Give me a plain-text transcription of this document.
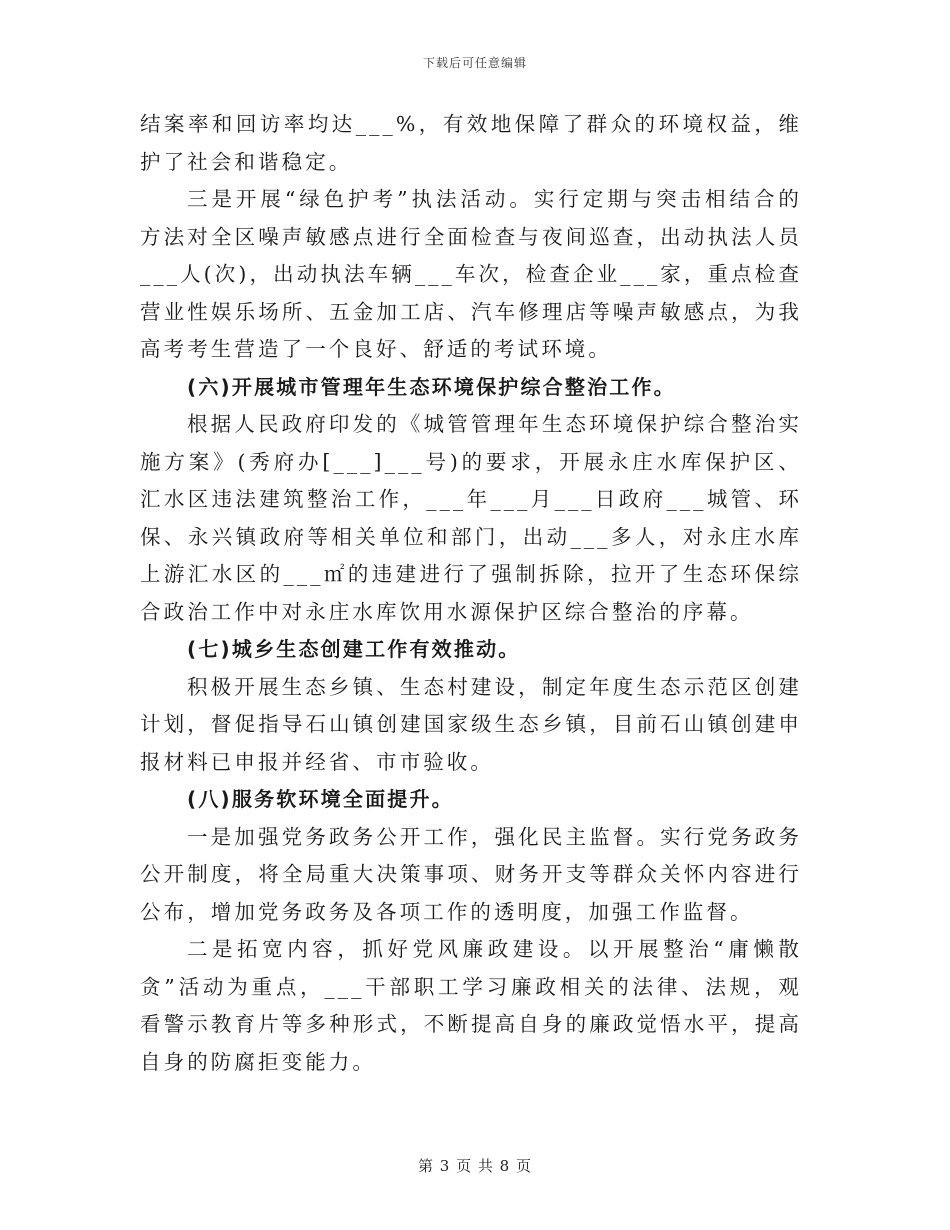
下载后可任意编辑

结案率和回访率均达___%，有效地保障了群众的环境权益，维护了社会和谐稳定。

三是开展“绿色护考”执法活动。实行定期与突击相结合的方法对全区噪声敏感点进行全面检查与夜间巡查，出动执法人员___人(次)，出动执法车辆___车次，检查企业___家，重点检查营业性娱乐场所、五金加工店、汽车修理店等噪声敏感点，为我高考考生营造了一个良好、舒适的考试环境。

(六)开展城市管理年生态环境保护综合整治工作。

根据人民政府印发的《城管管理年生态环境保护综合整治实施方案》(秀府办[___]___号)的要求，开展永庄水库保护区、汇水区违法建筑整治工作，___年___月___日政府___城管、环保、永兴镇政府等相关单位和部门，出动___多人，对永庄水库上游汇水区的___㎡的违建进行了强制拆除，拉开了生态环保综合政治工作中对永庄水库饮用水源保护区综合整治的序幕。

(七)城乡生态创建工作有效推动。

积极开展生态乡镇、生态村建设，制定年度生态示范区创建计划，督促指导石山镇创建国家级生态乡镇，目前石山镇创建申报材料已申报并经省、市市验收。

(八)服务软环境全面提升。

一是加强党务政务公开工作，强化民主监督。实行党务政务公开制度，将全局重大决策事项、财务开支等群众关怀内容进行公布，增加党务政务及各项工作的透明度，加强工作监督。

二是拓宽内容，抓好党风廉政建设。以开展整治“庸懒散贪”活动为重点，___干部职工学习廉政相关的法律、法规，观看警示教育片等多种形式，不断提高自身的廉政觉悟水平，提高自身的防腐拒变能力。

第 3 页 共 8 页
